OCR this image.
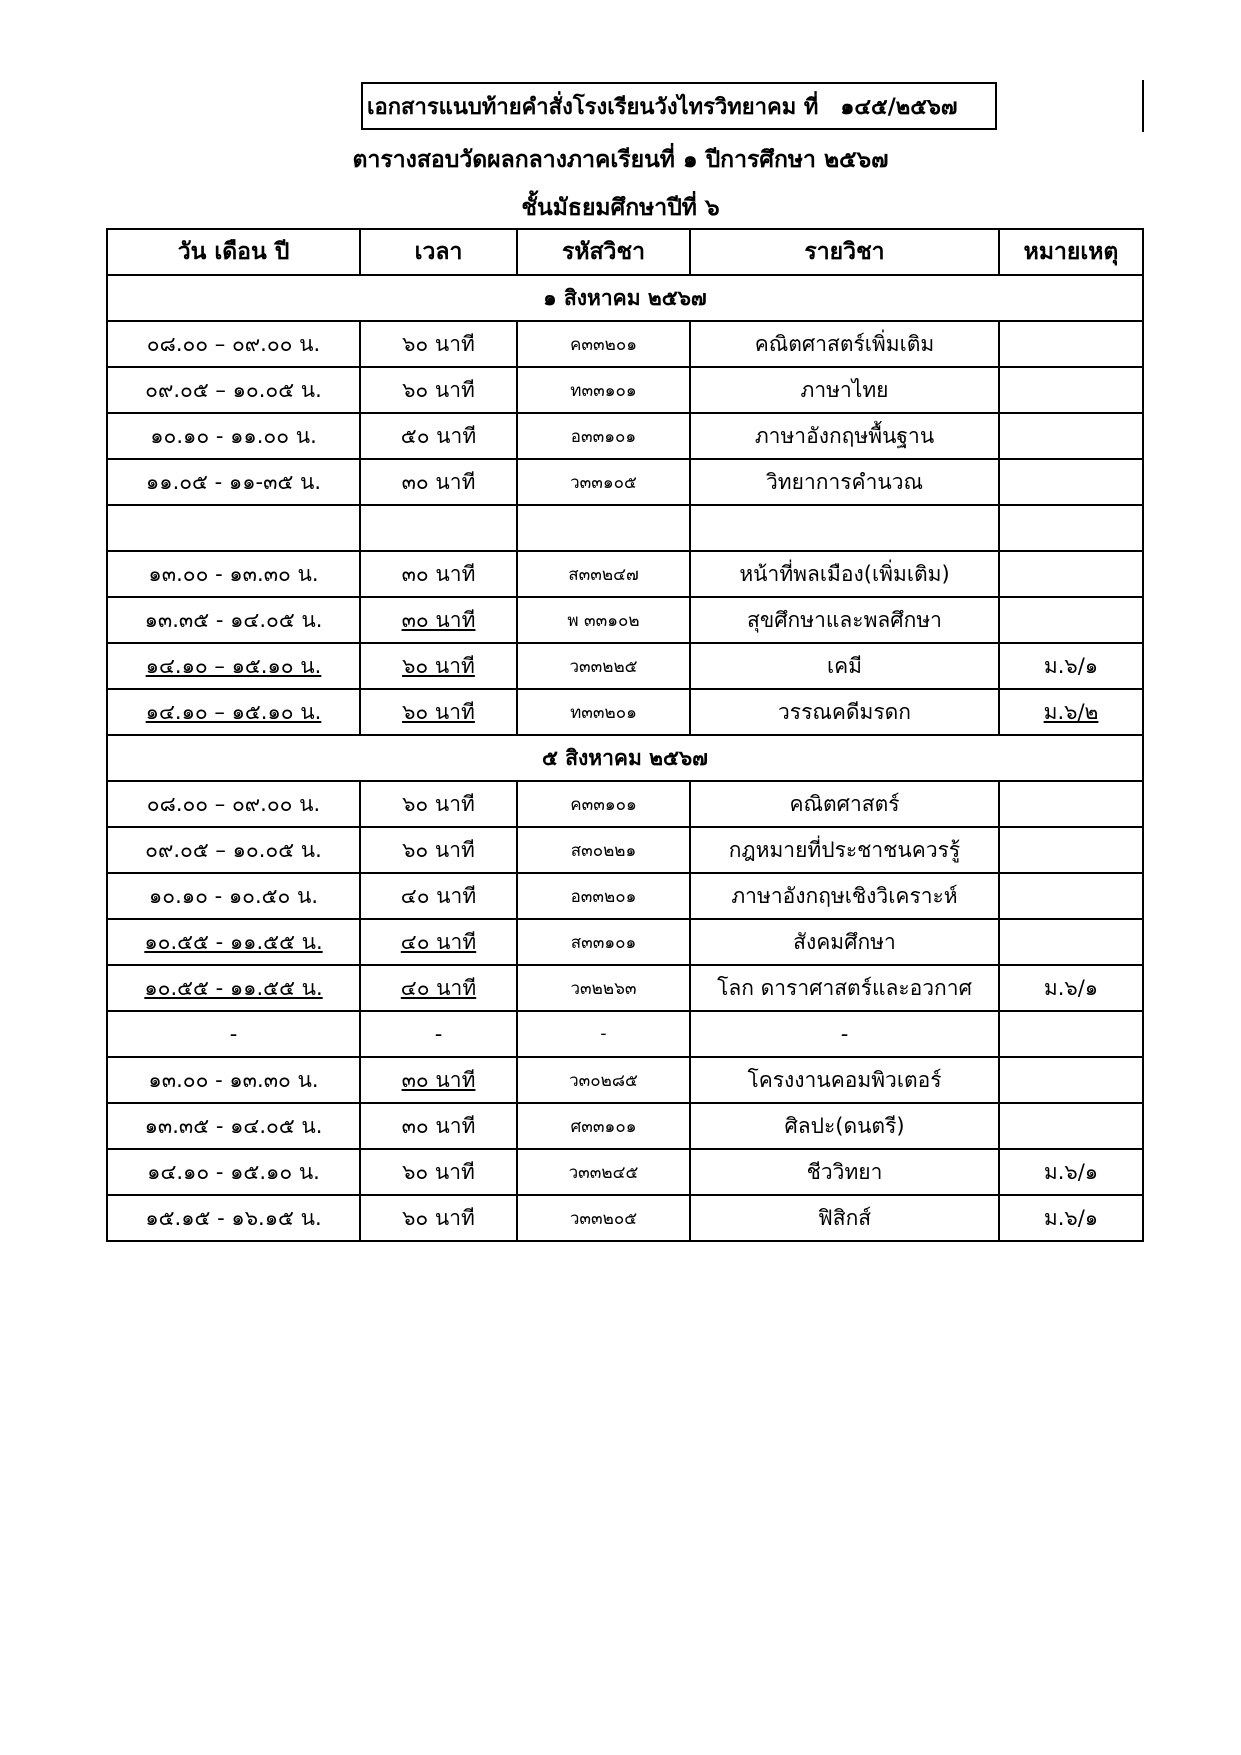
เอกสารแนบท้ายคำสั่งโรงเรียนวังไทรวิทยาคม ที่ ๑๔๕/๒๕๖๗
ตารางสอบวัดผลกลางภาคเรียนที่ ๑ ปีการศึกษา ๒๕๖๗
ชั้นมัธยมศึกษาปีที่ ๖
วัน เดือน ปี	เวลา	รหัสวิชา	รายวิชา	หมายเหตุ
๑ สิงหาคม ๒๕๖๗				
๐๘.๐๐ – ๐๙.๐๐ น.	๖๐ นาที	ค๓๓๒๐๑	คณิตศาสตร์เพิ่มเติม	
๐๙.๐๕ – ๑๐.๐๕ น.	๖๐ นาที	ท๓๓๑๐๑	ภาษาไทย	
๑๐.๑๐ - ๑๑.๐๐ น.	๕๐ นาที	อ๓๓๑๐๑	ภาษาอังกฤษพื้นฐาน	
๑๑.๐๕ - ๑๑-๓๕ น.	๓๐ นาที	ว๓๓๑๐๕	วิทยาการคำนวณ	

๑๓.๐๐ - ๑๓.๓๐ น.	๓๐ นาที	ส๓๓๒๔๗	หน้าที่พลเมือง(เพิ่มเติม)	
๑๓.๓๕ - ๑๔.๐๕ น.	๓๐ นาที	พ ๓๓๑๐๒	สุขศึกษาและพลศึกษา	
๑๔.๑๐ – ๑๕.๑๐ น.	๖๐ นาที	ว๓๓๒๒๕	เคมี	ม.๖/๑
๑๔.๑๐ – ๑๕.๑๐ น.	๖๐ นาที	ท๓๓๒๐๑	วรรณคดีมรดก	ม.๖/๒
๕ สิงหาคม ๒๕๖๗				
๐๘.๐๐ – ๐๙.๐๐ น.	๖๐ นาที	ค๓๓๑๐๑	คณิตศาสตร์	
๐๙.๐๕ – ๑๐.๐๕ น.	๖๐ นาที	ส๓๐๒๒๑	กฎหมายที่ประชาชนควรรู้	
๑๐.๑๐ - ๑๐.๕๐ น.	๔๐ นาที	อ๓๓๒๐๑	ภาษาอังกฤษเชิงวิเคราะห์	
๑๐.๕๕ - ๑๑.๕๕ น.	๔๐ นาที	ส๓๓๑๐๑	สังคมศึกษา	
๑๐.๕๕ - ๑๑.๕๕ น.	๔๐ นาที	ว๓๒๒๖๓	โลก ดาราศาสตร์และอวกาศ	ม.๖/๑
-	-	-	-	
๑๓.๐๐ - ๑๓.๓๐ น.	๓๐ นาที	ว๓๐๒๘๕	โครงงานคอมพิวเตอร์	
๑๓.๓๕ - ๑๔.๐๕ น.	๓๐ นาที	ศ๓๓๑๐๑	ศิลปะ(ดนตรี)	
๑๔.๑๐ - ๑๕.๑๐ น.	๖๐ นาที	ว๓๓๒๔๕	ชีววิทยา	ม.๖/๑
๑๕.๑๕ - ๑๖.๑๕ น.	๖๐ นาที	ว๓๓๒๐๕	ฟิสิกส์	ม.๖/๑
